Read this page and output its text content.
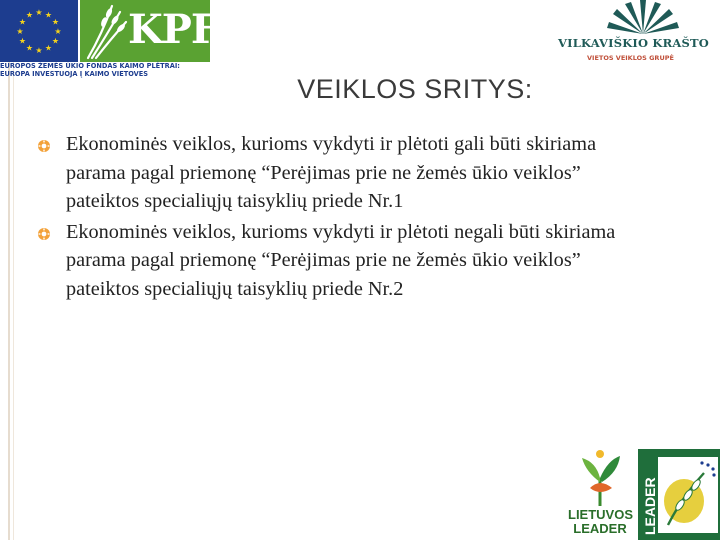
★ ★
★
★
★
★
★
★
★
★
★
★ KPF
EUROPOS ŽEMĖS ŪKIO FONDAS KAIMO PLĖTRAI:
EUROPA INVESTUOJA Į KAIMO VIETOVES
VILKAVIŠKIO KRAŠTO
VIETOS VEIKLOS GRUPĖ
VEIKLOS SRITYS:
Ekonominės veiklos, kurioms vykdyti ir plėtoti gali būti skiriama parama pagal priemonę “Perėjimas prie ne žemės ūkio veiklos” pateiktos specialiųjų taisyklių priede Nr.1
Ekonominės veiklos, kurioms vykdyti ir plėtoti negali būti skiriama parama pagal priemonę “Perėjimas prie ne žemės ūkio veiklos” pateiktos specialiųjų taisyklių priede Nr.2
LIETUVOS
LEADER	LEADER
